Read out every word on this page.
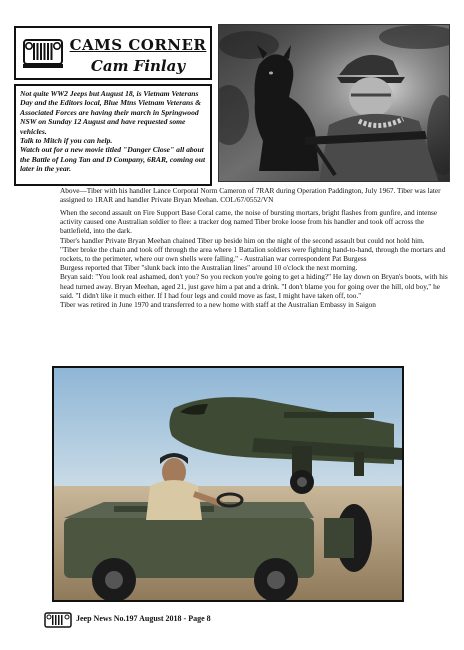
CAMS CORNER
Cam Finlay

Not quite WW2 Jeeps but August 18, is Vietnam Veterans Day and the Editors local, Blue Mtns Vietnam Veterans & Associated Forces are having their march in Springwood NSW on Sunday 12 August and have requested some vehicles.

Talk to Mitch if you can help.

Watch out for a new movie titled "Danger Close" all about the Battle of Long Tan and D Company, 6RAR, coming out later in the year.

Above—Tiber with his handler Lance Corporal Norm Cameron of 7RAR during Operation Paddington, July 1967. Tiber was later assigned to 1RAR and handler Private Bryan Meehan. COL/67/0552/VN

When the second assault on Fire Support Base Coral came, the noise of bursting mortars, bright flashes from gunfire, and intense activity caused one Australian soldier to flee: a tracker dog named Tiber broke loose from his handler and took off across the battlefield, into the dark.

Tiber's handler Private Bryan Meehan chained Tiber up beside him on the night of the second assault but could not hold him.

"Tiber broke the chain and took off through the area where 1 Battalion soldiers were fighting hand-to-hand, through the mortars and rockets, to the perimeter, where our own shells were falling." - Australian war correspondent Pat Burgess

Burgess reported that Tiber "slunk back into the Australian lines" around 10 o'clock the next morning.

Bryan said: "You look real ashamed, don't you? So you reckon you're going to get a hiding?" He lay down on Bryan's boots, with his head turned away. Bryan Meehan, aged 21, just gave him a pat and a drink. "I don't blame you for going over the hill, old boy," he said. "I didn't like it much either. If I had four legs and could move as fast, I might have taken off, too."

Tiber was retired in June 1970 and transferred to a new home with staff at the Australian Embassy in Saigon

Jeep News No.197 August 2018 - Page 8
